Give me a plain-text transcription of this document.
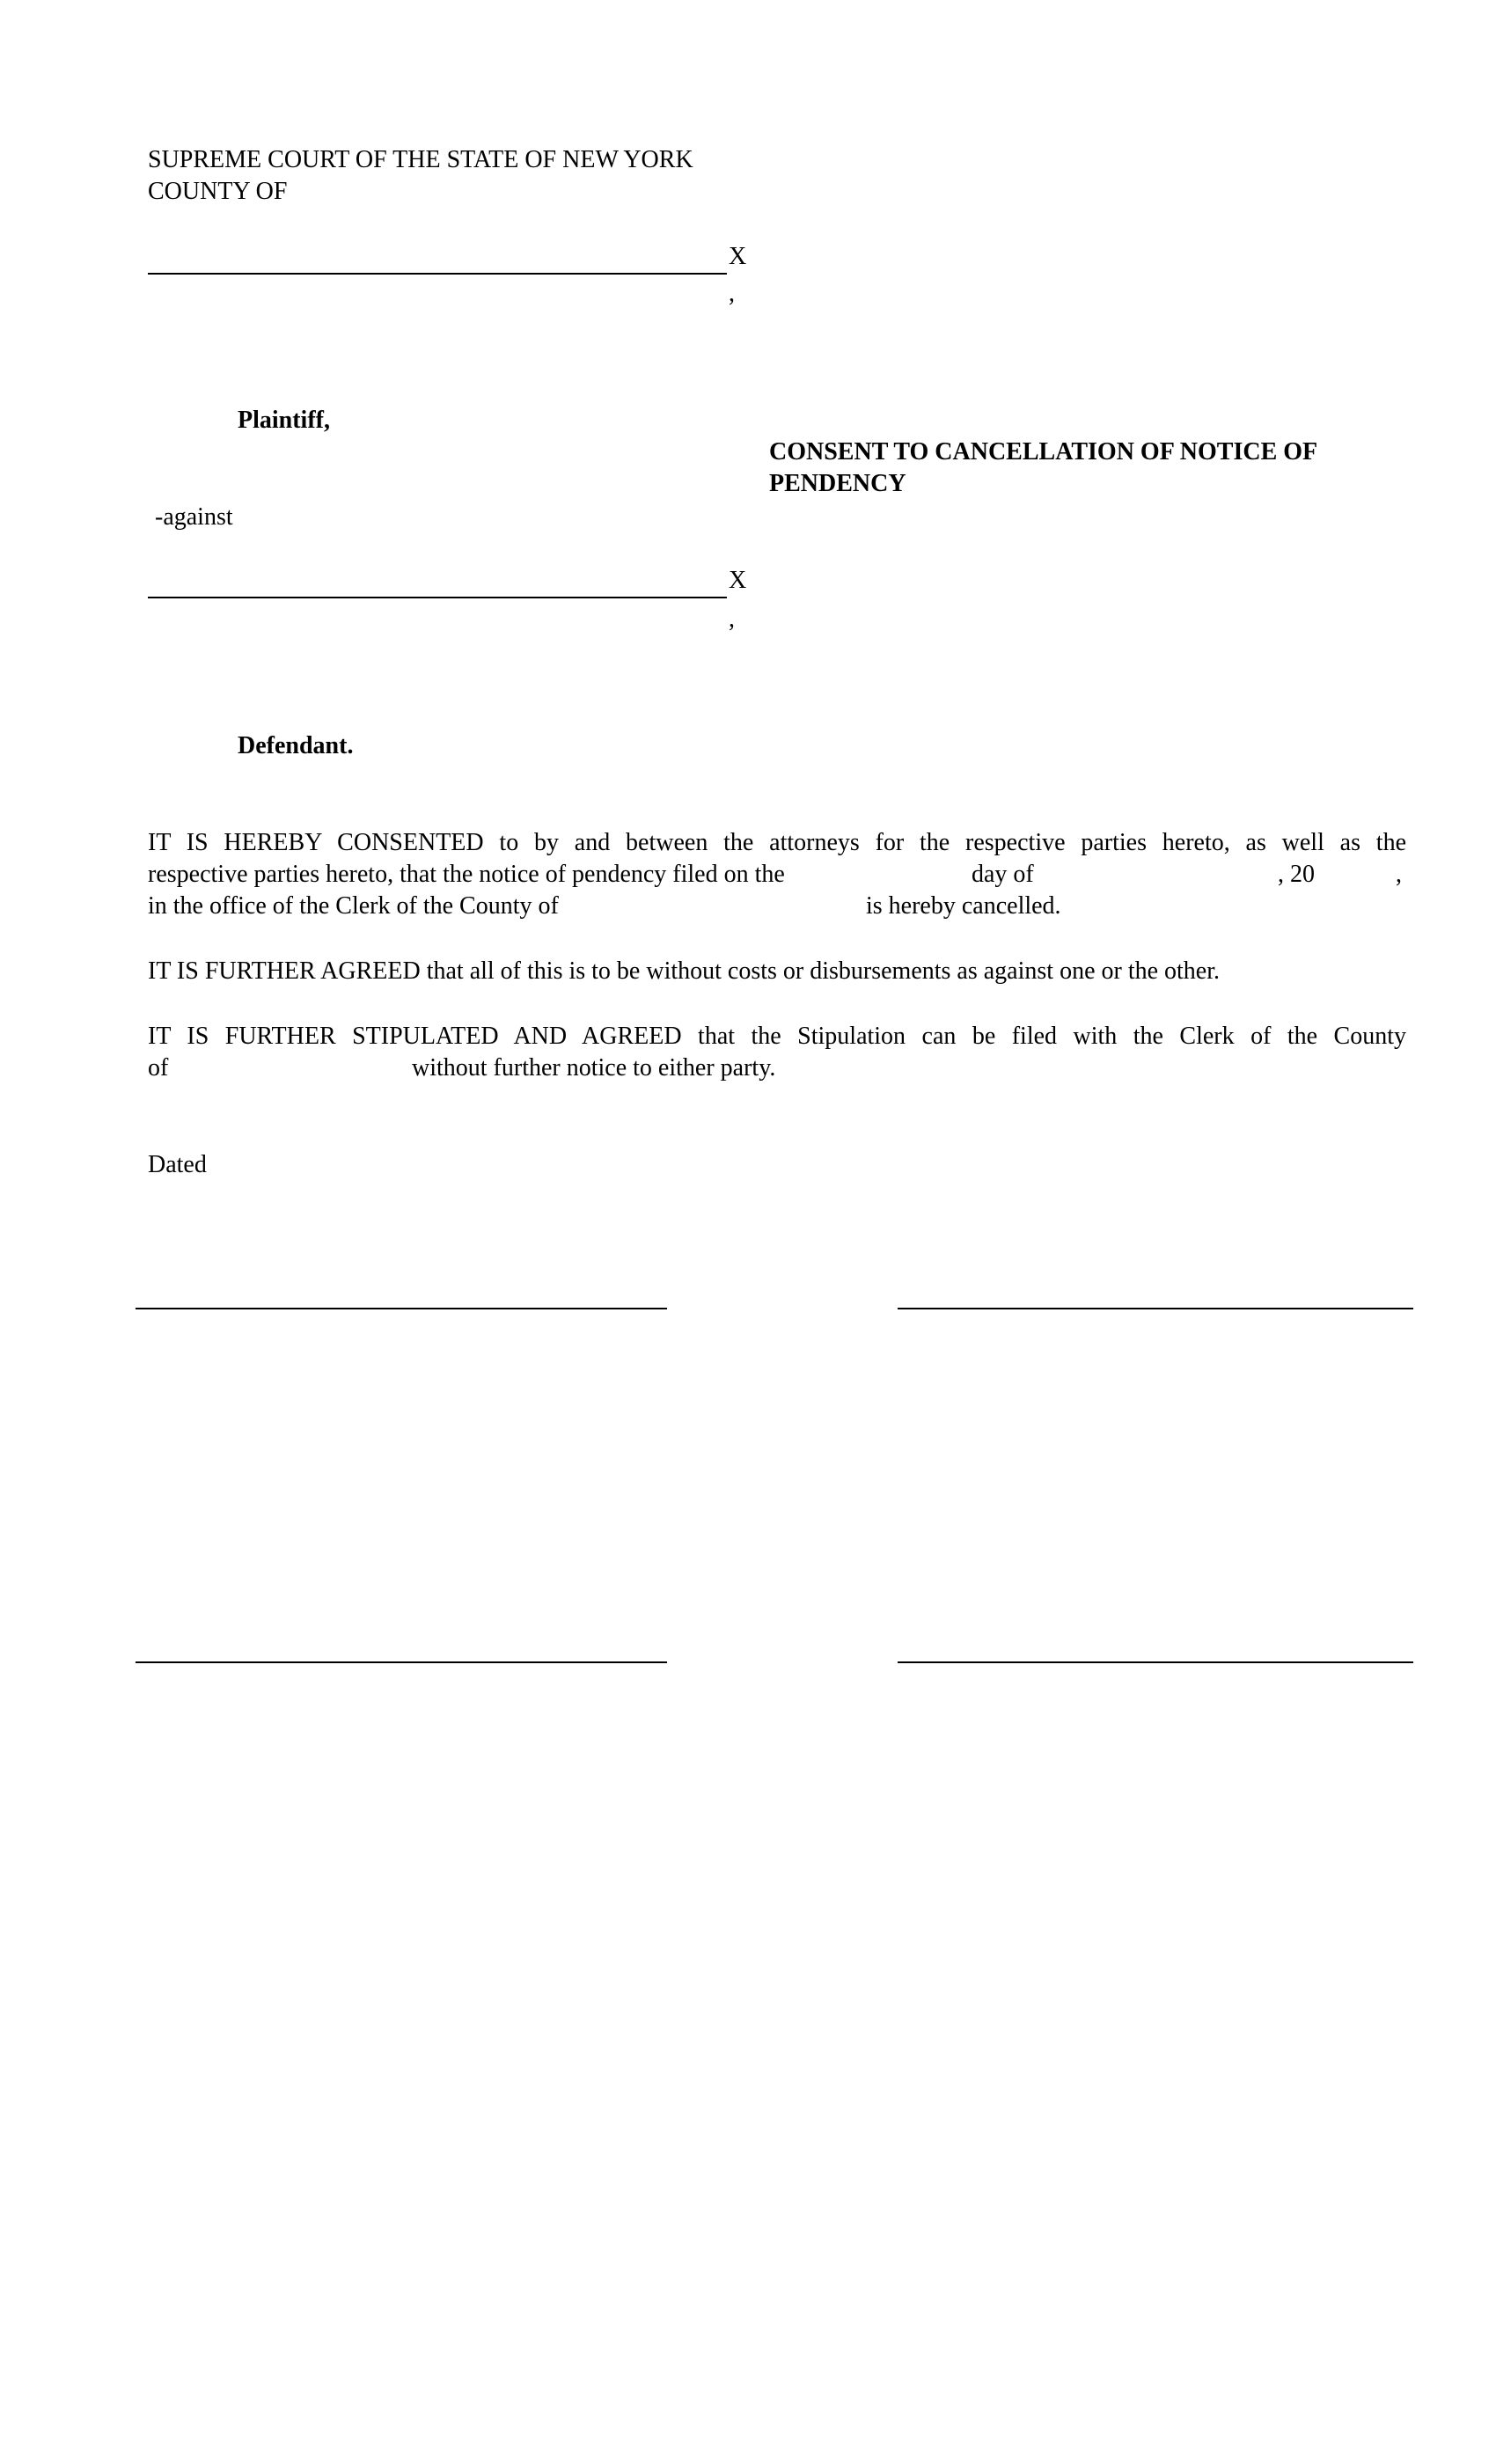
SUPREME COURT OF THE STATE OF NEW YORK
COUNTY OF
X
,
Plaintiff,
CONSENT TO CANCELLATION OF NOTICE OF
PENDENCY
-against
X
,
Defendant.
IT IS HEREBY CONSENTED to by and between the attorneys for the respective parties hereto, as well as the
respective parties hereto, that the notice of pendency filed on the	day of	, 20	,
in the office of the Clerk of the County of	is hereby cancelled.
IT IS FURTHER AGREED that all of this is to be without costs or disbursements as against one or the other.
IT IS FURTHER STIPULATED AND AGREED that the Stipulation can be filed with the Clerk of the County
of	without further notice to either party.
Dated
